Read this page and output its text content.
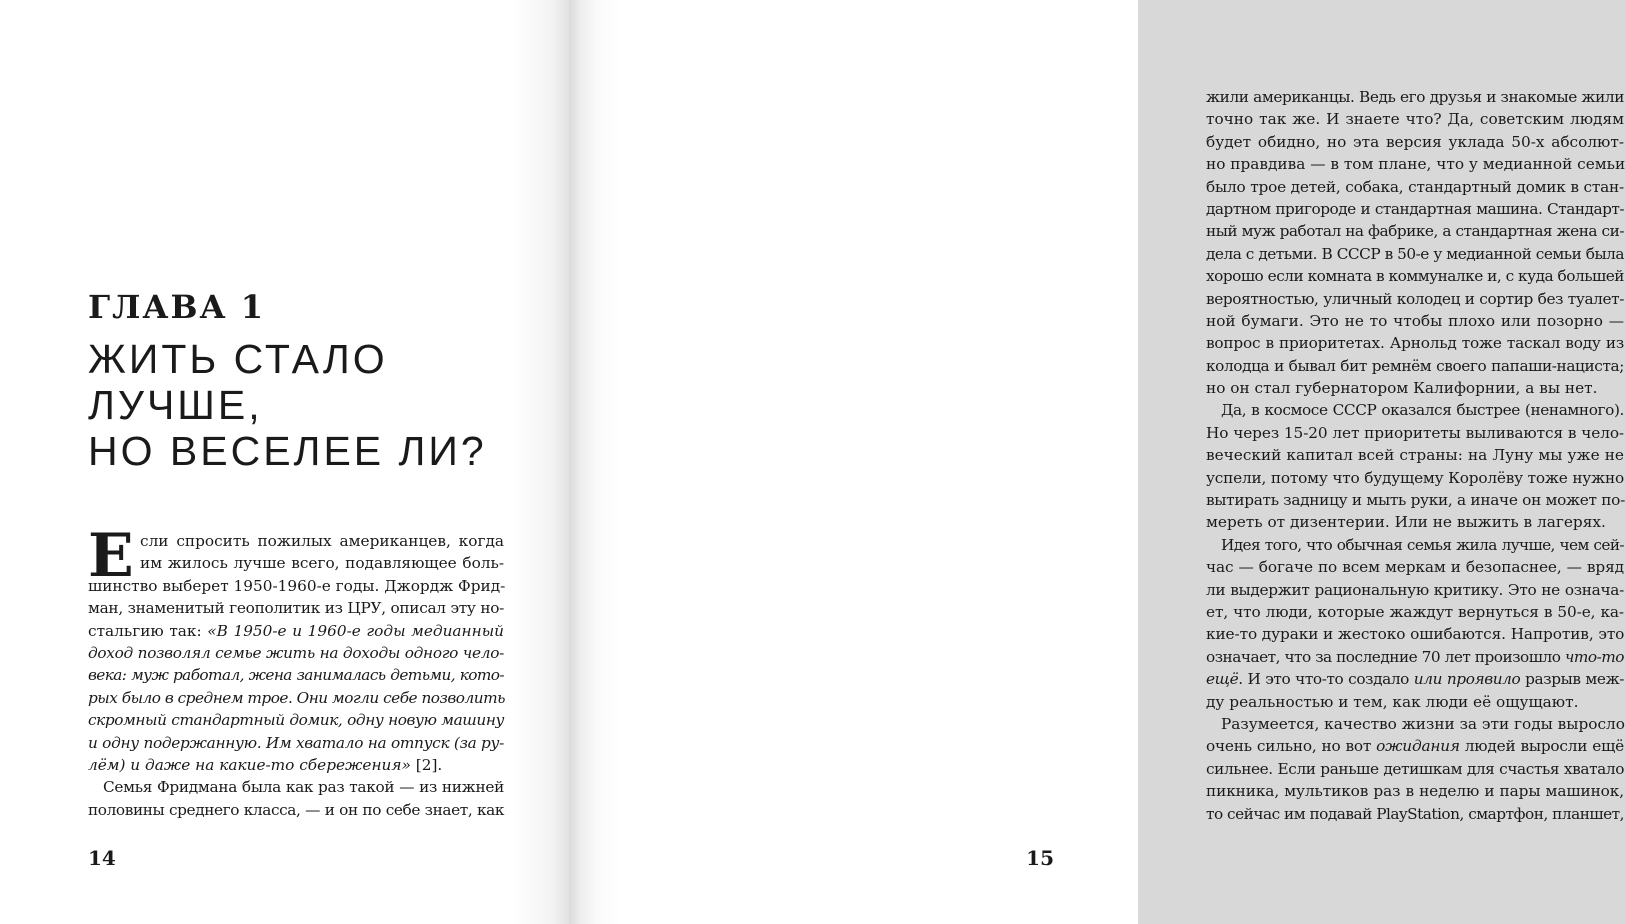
ГЛАВА 1
ЖИТЬ СТАЛО
ЛУЧШЕ,
НО ВЕСЕЛЕЕ ЛИ?
Е сли спросить пожилых американцев, когда
им жилось лучше всего, подавляющее боль-
шинство выберет 1950-1960-е годы. Джордж Фрид-
ман, знаменитый геополитик из ЦРУ, описал эту но-
стальгию так: «В 1950-е и 1960-е годы медианный
доход позволял семье жить на доходы одного чело-
века: муж работал, жена занималась детьми, кото-
рых было в среднем трое. Они могли себе позволить
скромный стандартный домик, одну новую машину
и одну подержанную. Им хватало на отпуск (за ру-
лём) и даже на какие-то сбережения» [2].
Семья Фридмана была как раз такой — из нижней
половины среднего класса, — и он по себе знает, как
14
жили американцы. Ведь его друзья и знакомые жили
точно так же. И знаете что? Да, советским людям
будет обидно, но эта версия уклада 50-х абсолют-
но правдива — в том плане, что у медианной семьи
было трое детей, собака, стандартный домик в стан-
дартном пригороде и стандартная машина. Стандарт-
ный муж работал на фабрике, а стандартная жена си-
дела с детьми. В СССР в 50-е у медианной семьи была
хорошо если комната в коммуналке и, с куда большей
вероятностью, уличный колодец и сортир без туалет-
ной бумаги. Это не то чтобы плохо или позорно —
вопрос в приоритетах. Арнольд тоже таскал воду из
колодца и бывал бит ремнём своего папаши-нациста;
но он стал губернатором Калифорнии, а вы нет.
Да, в космосе СССР оказался быстрее (ненамного).
Но через 15-20 лет приоритеты выливаются в чело-
веческий капитал всей страны: на Луну мы уже не
успели, потому что будущему Королёву тоже нужно
вытирать задницу и мыть руки, а иначе он может по-
мереть от дизентерии. Или не выжить в лагерях.
Идея того, что обычная семья жила лучше, чем сей-
час — богаче по всем меркам и безопаснее, — вряд
ли выдержит рациональную критику. Это не означа-
ет, что люди, которые жаждут вернуться в 50-е, ка-
кие-то дураки и жестоко ошибаются. Напротив, это
означает, что за последние 70 лет произошло что-то
ещё. И это что-то создало или проявило разрыв меж-
ду реальностью и тем, как люди её ощущают.
Разумеется, качество жизни за эти годы выросло
очень сильно, но вот ожидания людей выросли ещё
сильнее. Если раньше детишкам для счастья хватало
пикника, мультиков раз в неделю и пары машинок,
то сейчас им подавай PlayStation, смартфон, планшет,
15
